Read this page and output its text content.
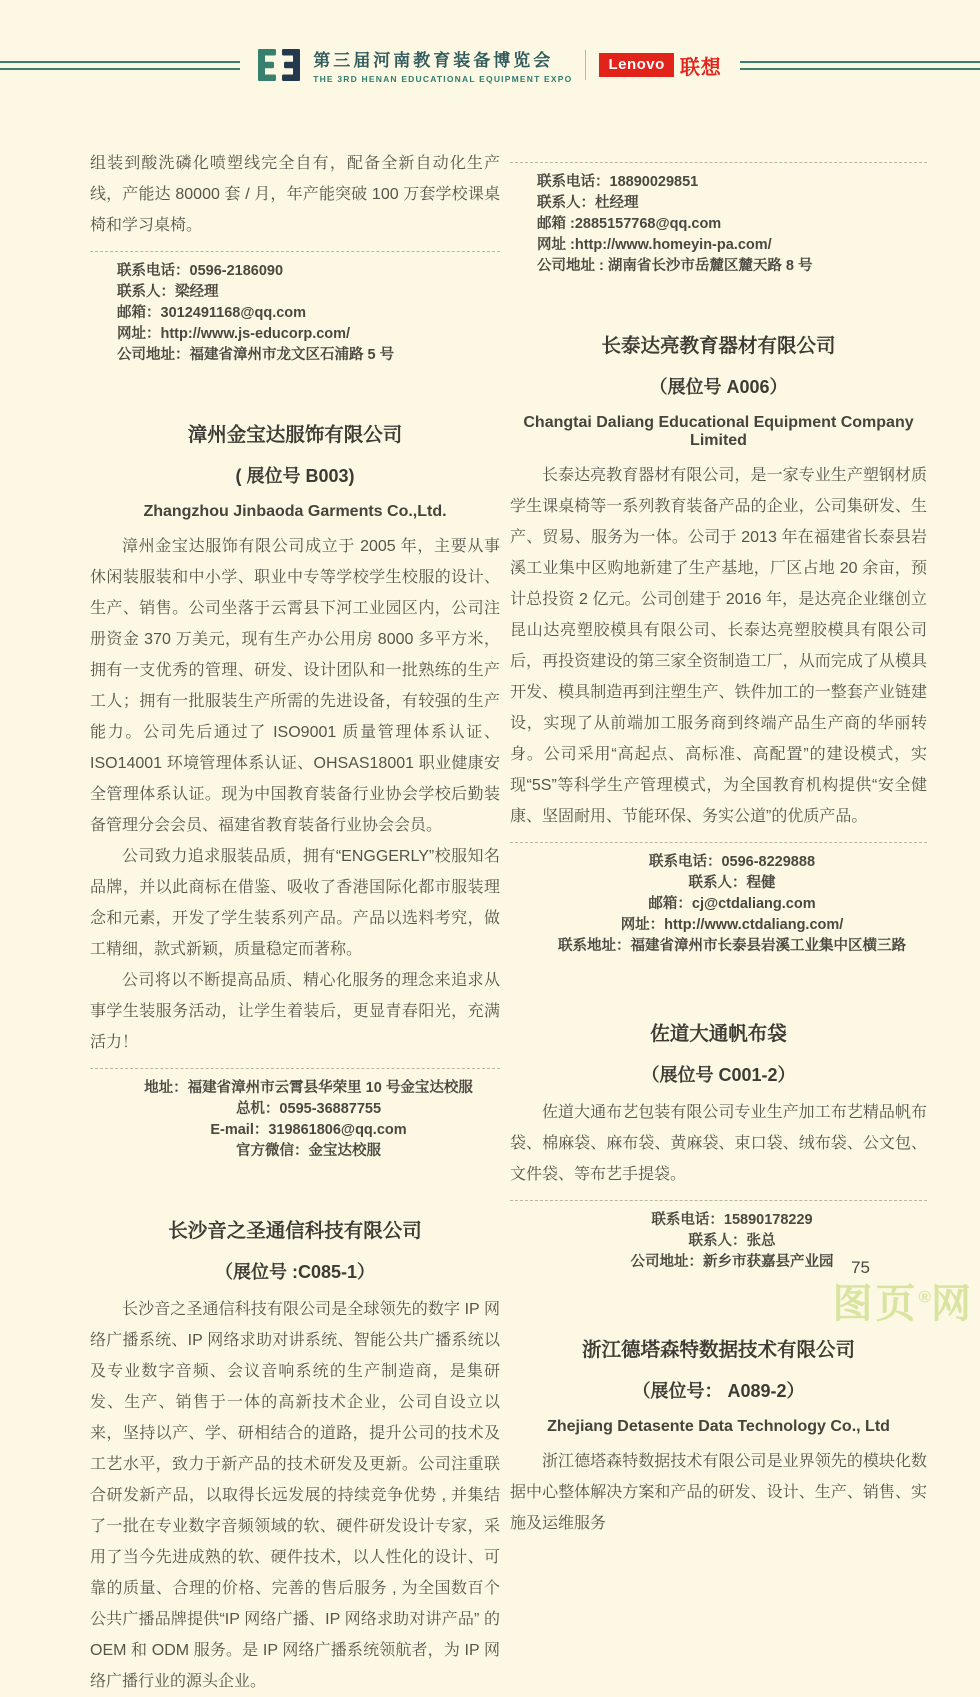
第三届河南教育装备博览会
THE 3RD HENAN EDUCATIONAL EQUIPMENT EXPO
Lenovo 联想

组装到酸洗磷化喷塑线完全自有，配备全新自动化生产线，产能达 80000 套 / 月，年产能突破 100 万套学校课桌椅和学习桌椅。

联系电话：0596-2186090
联系人：梁经理
邮箱：3012491168@qq.com
网址：http://www.js-educorp.com/
公司地址：福建省漳州市龙文区石浦路 5 号
漳州金宝达服饰有限公司
( 展位号 B003)
Zhangzhou Jinbaoda Garments Co.,Ltd.

漳州金宝达服饰有限公司成立于 2005 年，主要从事休闲装服装和中小学、职业中专等学校学生校服的设计、生产、销售。公司坐落于云霄县下河工业园区内，公司注册资金 370 万美元，现有生产办公用房 8000 多平方米，拥有一支优秀的管理、研发、设计团队和一批熟练的生产工人；拥有一批服装生产所需的先进设备，有较强的生产能力。公司先后通过了 ISO9001 质量管理体系认证、ISO14001 环境管理体系认证、OHSAS18001 职业健康安全管理体系认证。现为中国教育装备行业协会学校后勤装备管理分会会员、福建省教育装备行业协会会员。

公司致力追求服装品质，拥有“ENGGERLY”校服知名品牌，并以此商标在借鉴、吸收了香港国际化都市服装理念和元素，开发了学生装系列产品。产品以选料考究，做工精细，款式新颖，质量稳定而著称。

公司将以不断提高品质、精心化服务的理念来追求从事学生装服务活动，让学生着装后，更显青春阳光，充满活力！

地址：福建省漳州市云霄县华荣里 10 号金宝达校服
总机：0595-36887755
E-mail：319861806@qq.com
官方微信：金宝达校服
长沙音之圣通信科技有限公司
（展位号 :C085-1）

长沙音之圣通信科技有限公司是全球领先的数字 IP 网络广播系统、IP 网络求助对讲系统、智能公共广播系统以及专业数字音频、会议音响系统的生产制造商，是集研发、生产、销售于一体的高新技术企业，公司自设立以来，坚持以产、学、研相结合的道路，提升公司的技术及工艺水平，致力于新产品的技术研发及更新。公司注重联合研发新产品，以取得长远发展的持续竞争优势 , 并集结了一批在专业数字音频领域的软、硬件研发设计专家，采用了当今先进成熟的软、硬件技术，以人性化的设计、可靠的质量、合理的价格、完善的售后服务 , 为全国数百个公共广播品牌提供“IP 网络广播、IP 网络求助对讲产品” 的 OEM 和 ODM 服务。是 IP 网络广播系统领航者，为 IP 网络广播行业的源头企业。

联系电话：18890029851
联系人：杜经理
邮箱 :2885157768@qq.com
网址 :http://www.homeyin-pa.com/
公司地址 : 湖南省长沙市岳麓区麓天路 8 号
长泰达亮教育器材有限公司
（展位号 A006）
Changtai Daliang Educational Equipment Company Limited

长泰达亮教育器材有限公司，是一家专业生产塑钢材质学生课桌椅等一系列教育装备产品的企业，公司集研发、生产、贸易、服务为一体。公司于 2013 年在福建省长泰县岩溪工业集中区购地新建了生产基地，厂区占地 20 余亩，预计总投资 2 亿元。公司创建于 2016 年，是达亮企业继创立昆山达亮塑胶模具有限公司、长泰达亮塑胶模具有限公司后，再投资建设的第三家全资制造工厂，从而完成了从模具开发、模具制造再到注塑生产、铁件加工的一整套产业链建设，实现了从前端加工服务商到终端产品生产商的华丽转身。公司采用“高起点、高标准、高配置”的建设模式，实现“5S”等科学生产管理模式，为全国教育机构提供“安全健康、坚固耐用、节能环保、务实公道”的优质产品。

联系电话：0596-8229888
联系人：程健
邮箱：cj@ctdaliang.com
网址：http://www.ctdaliang.com/
联系地址：福建省漳州市长泰县岩溪工业集中区横三路
佐道大通帆布袋
（展位号 C001-2）

佐道大通布艺包装有限公司专业生产加工布艺精品帆布袋、棉麻袋、麻布袋、黄麻袋、束口袋、绒布袋、公文包、文件袋、等布艺手提袋。

联系电话：15890178229
联系人：张总
公司地址：新乡市获嘉县产业园
浙江德塔森特数据技术有限公司
（展位号： A089-2）
Zhejiang Detasente Data Technology Co., Ltd

浙江德塔森特数据技术有限公司是业界领先的模块化数据中心整体解决方案和产品的研发、设计、生产、销售、实施及运维服务

75
图页®网
